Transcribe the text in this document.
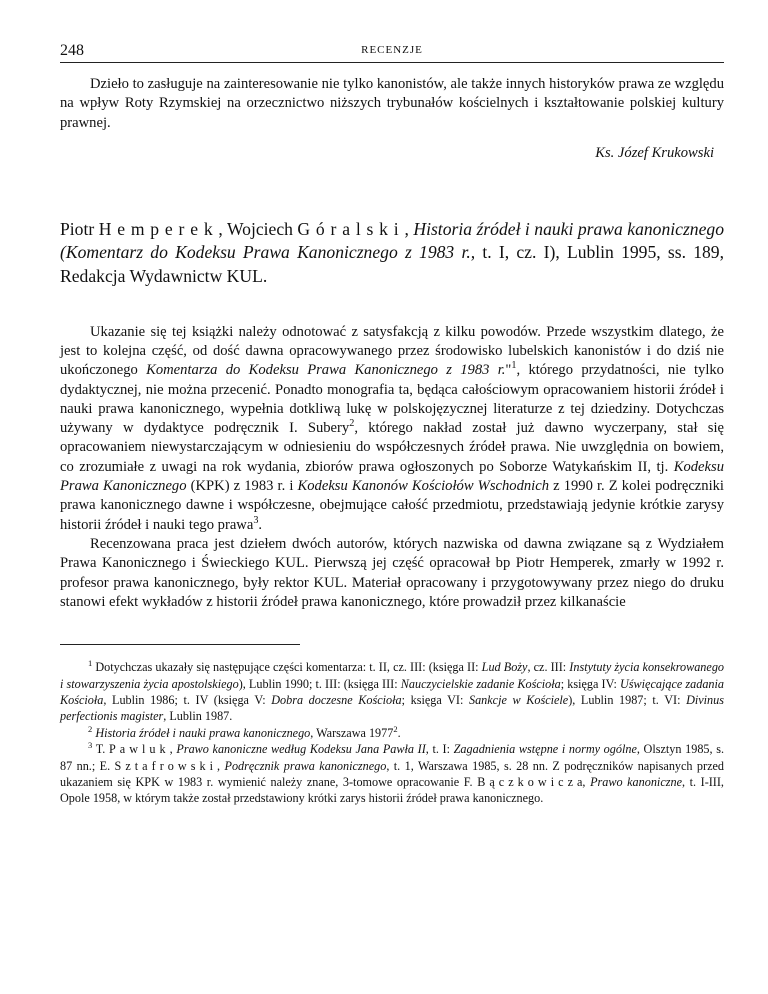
248	RECENZJE

Dzieło to zasługuje na zainteresowanie nie tylko kanonistów, ale także innych historyków prawa ze względu na wpływ Roty Rzymskiej na orzecznictwo niższych trybunałów kościelnych i kształtowanie polskiej kultury prawnej.

Ks. Józef Krukowski

Piotr Hemperek, Wojciech Góralski, Historia źródeł i nauki prawa kanonicznego (Komentarz do Kodeksu Prawa Kanonicznego z 1983 r., t. I, cz. I), Lublin 1995, ss. 189, Redakcja Wydawnictw KUL.

Ukazanie się tej książki należy odnotować z satysfakcją z kilku powodów. Przede wszystkim dlatego, że jest to kolejna część, od dość dawna opracowywanego przez środowisko lubelskich kanonistów i do dziś nie ukończonego Komentarza do Kodeksu Prawa Kanonicznego z 1983 r."$^1$, którego przydatności, nie tylko dydaktycznej, nie można przecenić. Ponadto monografia ta, będąca całościowym opracowaniem historii źródeł i nauki prawa kanonicznego, wypełnia dotkliwą lukę w polskojęzycznej literaturze z tej dziedziny. Dotychczas używany w dydaktyce podręcznik I. Subery$^2$, którego nakład został już dawno wyczerpany, stał się opracowaniem niewystarczającym w odniesieniu do współczesnych źródeł prawa. Nie uwzględnia on bowiem, co zrozumiałe z uwagi na rok wydania, zbiorów prawa ogłoszonych po Soborze Watykańskim II, tj. Kodeksu Prawa Kanonicznego (KPK) z 1983 r. i Kodeksu Kanonów Kościołów Wschodnich z 1990 r. Z kolei podręczniki prawa kanonicznego dawne i współczesne, obejmujące całość przedmiotu, przedstawiają jedynie krótkie zarysy historii źródeł i nauki tego prawa$^3$.

Recenzowana praca jest dziełem dwóch autorów, których nazwiska od dawna związane są z Wydziałem Prawa Kanonicznego i Świeckiego KUL. Pierwszą jej część opracował bp Piotr Hemperek, zmarły w 1992 r. profesor prawa kanonicznego, były rektor KUL. Materiał opracowany i przygotowywany przez niego do druku stanowi efekt wykładów z historii źródeł prawa kanonicznego, które prowadził przez kilkanaście

$^1$ Dotychczas ukazały się następujące części komentarza: t. II, cz. III: (księga II: Lud Boży, cz. III: Instytuty życia konsekrowanego i stowarzyszenia życia apostolskiego), Lublin 1990; t. III: (księga III: Nauczycielskie zadanie Kościoła; księga IV: Uświęcające zadania Kościoła, Lublin 1986; t. IV (księga V: Dobra doczesne Kościoła; księga VI: Sankcje w Kościele), Lublin 1987; t. VI: Divinus perfectionis magister, Lublin 1987.

$^2$ Historia źródeł i nauki prawa kanonicznego, Warszawa 1977$^2$.

$^3$ T. Pawluk, Prawo kanoniczne według Kodeksu Jana Pawła II, t. I: Zagadnienia wstępne i normy ogólne, Olsztyn 1985, s. 87 nn.; E. Sztafrowski, Podręcznik prawa kanonicznego, t. 1, Warszawa 1985, s. 28 nn. Z podręczników napisanych przed ukazaniem się KPK w 1983 r. wymienić należy znane, 3-tomowe opracowanie F. Bączkowicza, Prawo kanoniczne, t. I-III, Opole 1958, w którym także został przedstawiony krótki zarys historii źródeł prawa kanonicznego.
